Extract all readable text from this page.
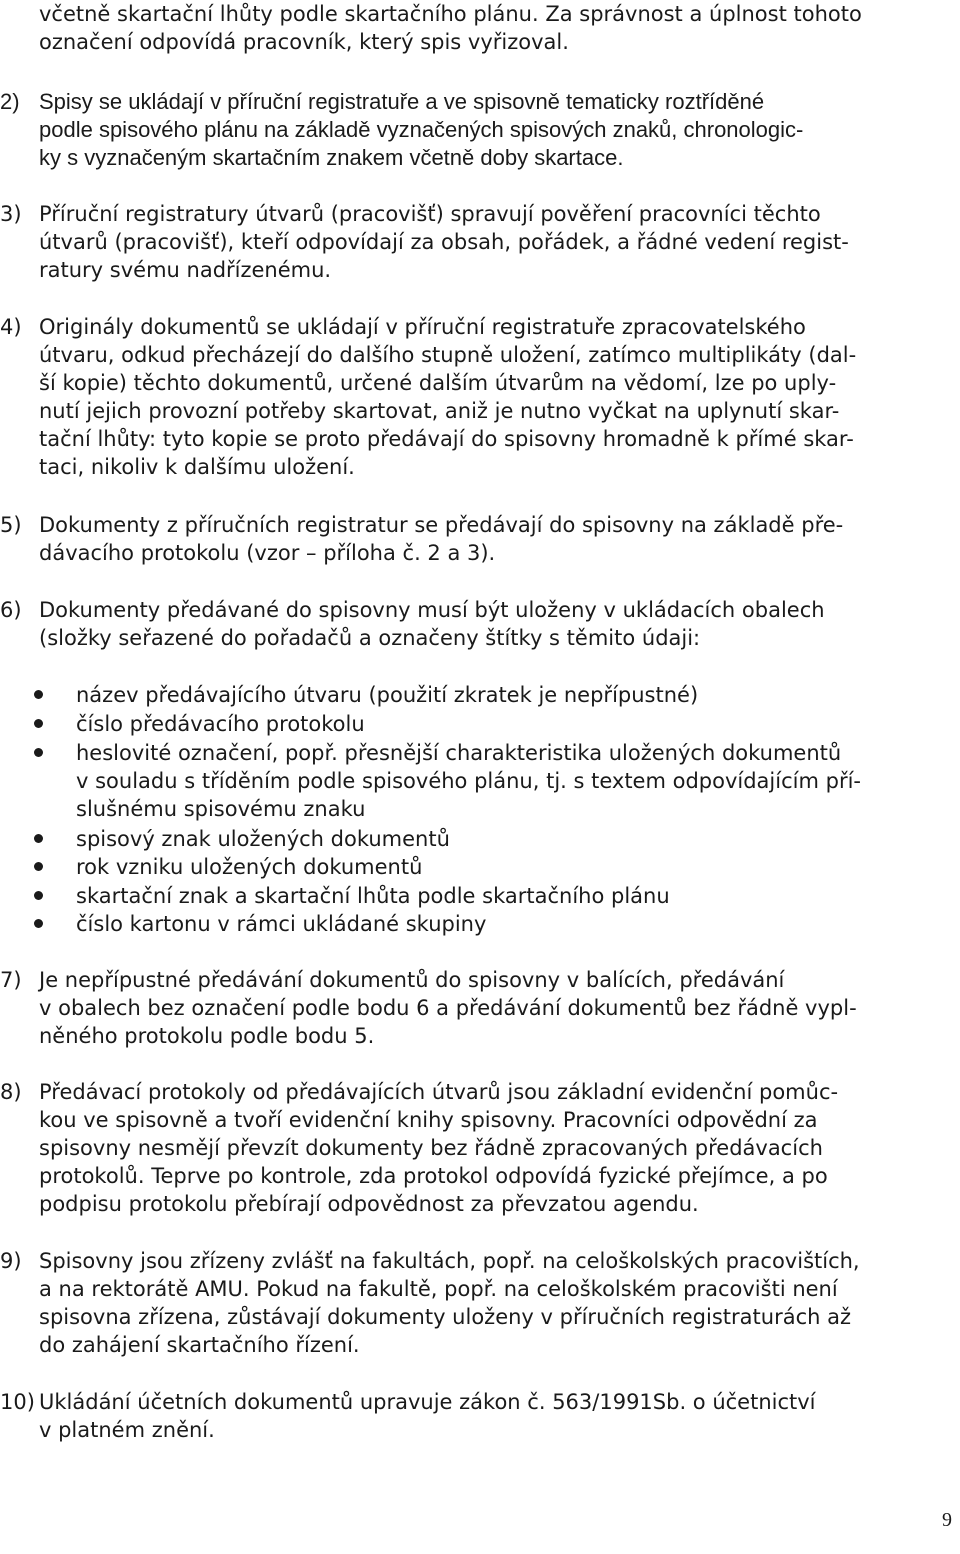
včetně skartační lhůty podle skartačního plánu. Za správnost a úplnost tohoto
označení odpovídá pracovník, který spis vyřizoval.
2) Spisy se ukládají v příruční registratuře a ve spisovně tematicky roztříděné
podle spisového plánu na základě vyznačených spisových znaků, chronologic-
ky s vyznačeným skartačním znakem včetně doby skartace.
3) Příruční registratury útvarů (pracovišť) spravují pověření pracovníci těchto
útvarů (pracovišť), kteří odpovídají za obsah, pořádek, a řádné vedení regist-
ratury svému nadřízenému.
4) Originály dokumentů se ukládají v příruční registratuře zpracovatelského
útvaru, odkud přecházejí do dalšího stupně uložení, zatímco multiplikáty (dal-
ší kopie) těchto dokumentů, určené dalším útvarům na vědomí, lze po uply-
nutí jejich provozní potřeby skartovat, aniž je nutno vyčkat na uplynutí skar-
tační lhůty: tyto kopie se proto předávají do spisovny hromadně k přímé skar-
taci, nikoliv k dalšímu uložení.
5) Dokumenty z příručních registratur se předávají do spisovny na základě pře-
dávacího protokolu (vzor – příloha č. 2 a 3).
6) Dokumenty předávané do spisovny musí být uloženy v ukládacích obalech
(složky seřazené do pořadačů a označeny štítky s těmito údaji:
název předávajícího útvaru (použití zkratek je nepřípustné)
číslo předávacího protokolu
heslovité označení, popř. přesnější charakteristika uložených dokumentů
v souladu s tříděním podle spisového plánu, tj. s textem odpovídajícím pří-
slušnému spisovému znaku
spisový znak uložených dokumentů
rok vzniku uložených dokumentů
skartační znak a skartační lhůta podle skartačního plánu
číslo kartonu v rámci ukládané skupiny
7) Je nepřípustné předávání dokumentů do spisovny v balících, předávání
v obalech bez označení podle bodu 6 a předávání dokumentů bez řádně vypl-
něného protokolu podle bodu 5.
8) Předávací protokoly od předávajících útvarů jsou základní evidenční pomůc-
kou ve spisovně a tvoří evidenční knihy spisovny. Pracovníci odpovědní za
spisovny nesmějí převzít dokumenty bez řádně zpracovaných předávacích
protokolů. Teprve po kontrole, zda protokol odpovídá fyzické přejímce, a po
podpisu protokolu přebírají odpovědnost za převzatou agendu.
9) Spisovny jsou zřízeny zvlášť na fakultách, popř. na celoškolských pracovištích,
a na rektorátě AMU. Pokud na fakultě, popř. na celoškolském pracovišti není
spisovna zřízena, zůstávají dokumenty uloženy v příručních registraturách až
do zahájení skartačního řízení.
10) Ukládání účetních dokumentů upravuje zákon č. 563/1991Sb. o účetnictví
v platném znění.
9
